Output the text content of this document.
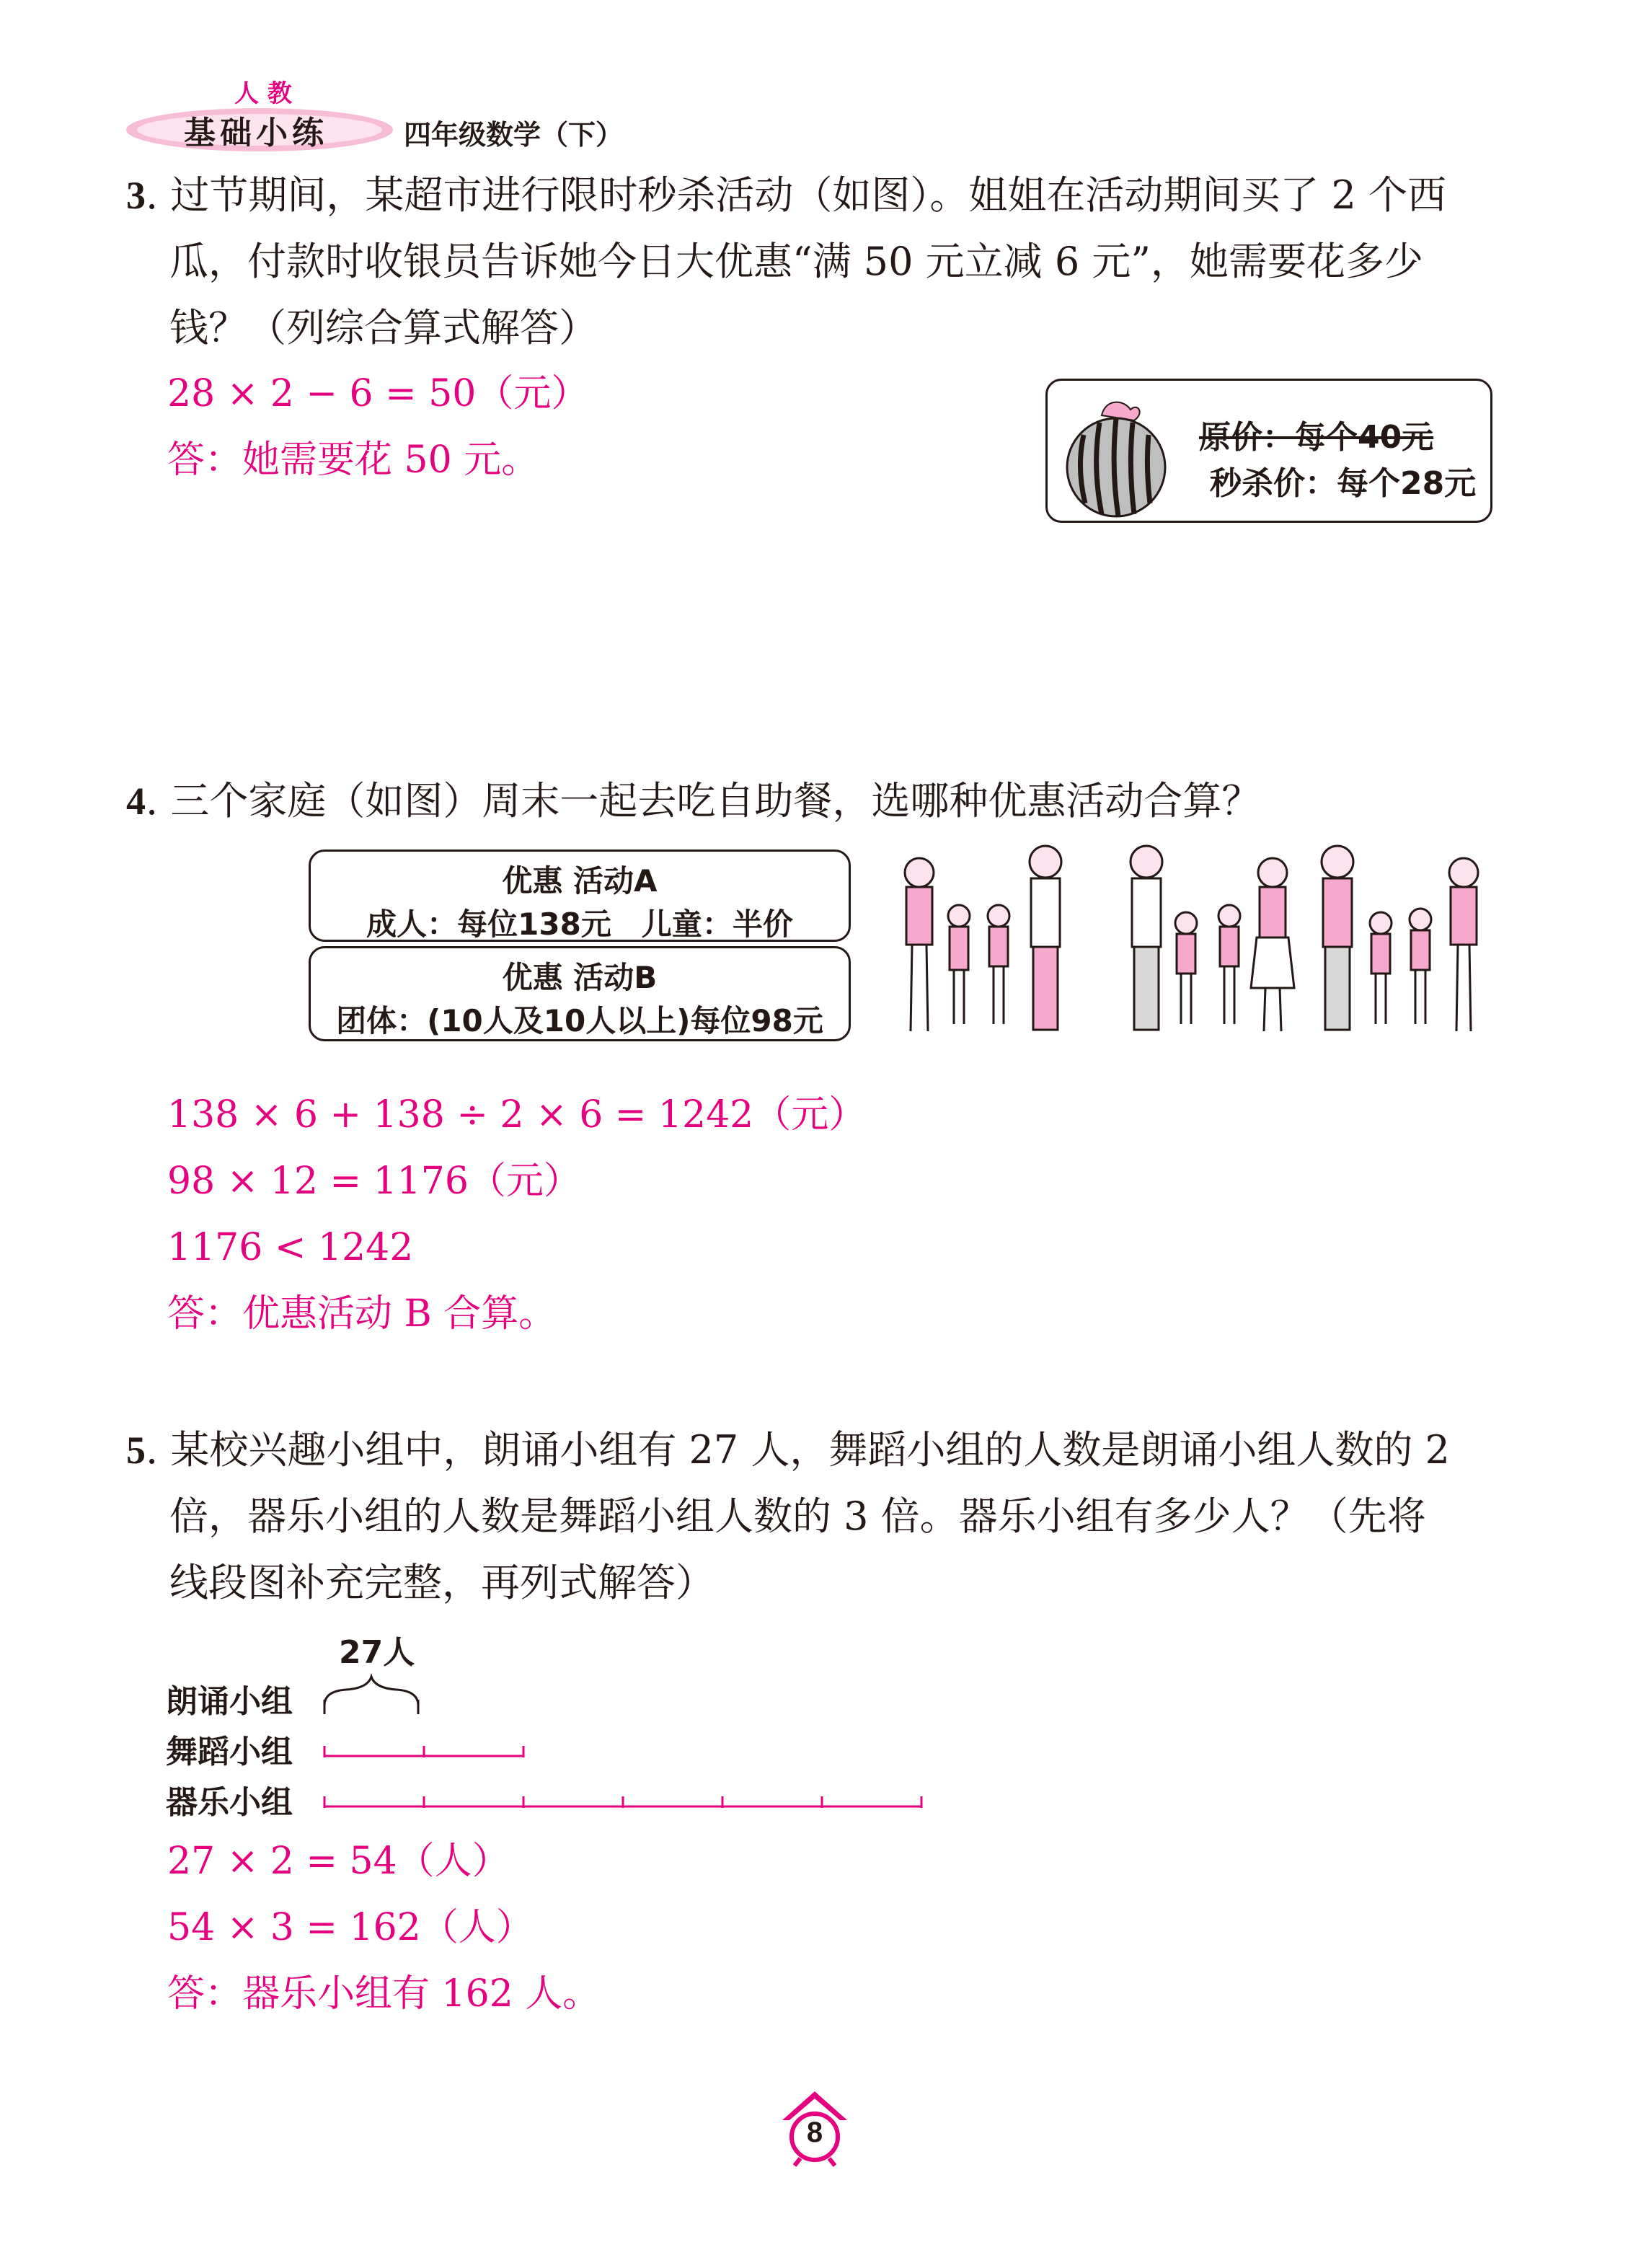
人 教
基础小练	四年级数学（下）
3. 过节期间，某超市进行限时秒杀活动（如图）。姐姐在活动期间买了 2 个西
瓜，付款时收银员告诉她今日大优惠“满 50 元立减 6 元”，她需要花多少
钱？（列综合算式解答）
28 × 2 − 6 = 50（元）
答：她需要花 50 元。
原价：每个40元
秒杀价：每个28元
4. 三个家庭（如图）周末一起去吃自助餐，选哪种优惠活动合算？
优惠 活动A
成人：每位138元　儿童：半价
优惠 活动B
团体：(10人及10人以上)每位98元
138 × 6 + 138 ÷ 2 × 6 = 1242（元）
98 × 12 = 1176（元）
1176 < 1242
答：优惠活动 B 合算。
5. 某校兴趣小组中，朗诵小组有 27 人，舞蹈小组的人数是朗诵小组人数的 2
倍，器乐小组的人数是舞蹈小组人数的 3 倍。器乐小组有多少人？（先将
线段图补充完整，再列式解答）
27人
朗诵小组
舞蹈小组
器乐小组
27 × 2 = 54（人）
54 × 3 = 162（人）
答：器乐小组有 162 人。
8
